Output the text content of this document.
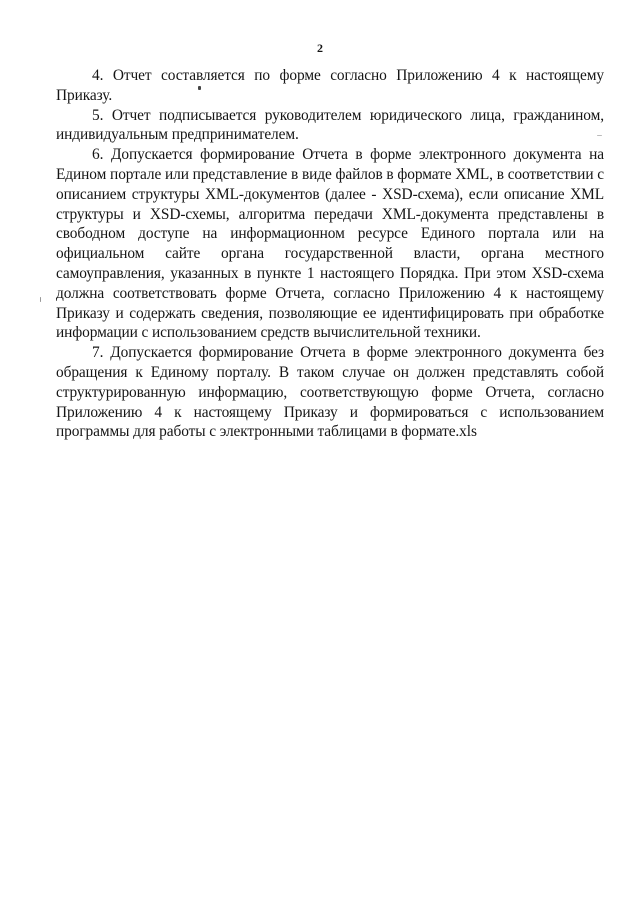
2

4. Отчет составляется по форме согласно Приложению 4 к настоящему Приказу.

5. Отчет подписывается руководителем юридического лица, гражданином, индивидуальным предпринимателем.

6. Допускается формирование Отчета в форме электронного документа на Едином портале или представление в виде файлов в формате XML, в соответствии с описанием структуры XML-документов (далее - XSD-схема), если описание XML структуры и XSD-схемы, алгоритма передачи XML-документа представлены в свободном доступе на информационном ресурсе Единого портала или на официальном сайте органа государственной власти, органа местного самоуправления, указанных в пункте 1 настоящего Порядка. При этом XSD-схема должна соответствовать форме Отчета, согласно Приложению 4 к настоящему Приказу и содержать сведения, позволяющие ее идентифицировать при обработке информации с использованием средств вычислительной техники.

7. Допускается формирование Отчета в форме электронного документа без обращения к Единому порталу. В таком случае он должен представлять собой структурированную информацию, соответствующую форме Отчета, согласно Приложению 4 к настоящему Приказу и формироваться с использованием программы для работы с электронными таблицами в формате.xls
